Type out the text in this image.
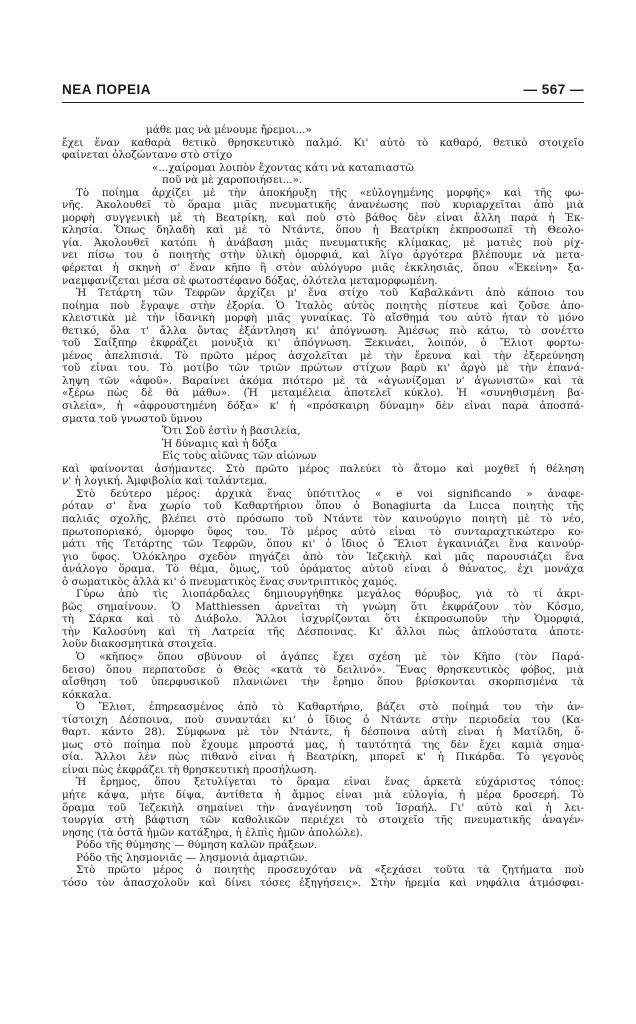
ΝΕΑ ΠΟΡΕΙΑ	— 567 —
μάθε μας νὰ μένουμε ἤρεμοι...»
ἔχει ἕναν καθαρὰ θετικὸ θρησκευτικὸ παλμό. Κι' αὐτὸ τὸ καθαρό, θετικὸ στοιχεῖο
φαίνεται ὁλοζώντανο στὸ στίχο
«...χαίρομαι λοιπὸν ἔχοντας κάτι νὰ καταπιαστῶ
ποῦ νὰ μὲ χαροποιήσει...».
Τὸ ποίημα ἀρχίζει μὲ τὴν ἀποκήρυξη τῆς «εὐλογημένης μορφῆς» καὶ τῆς φω-
νῆς. Ἀκολουθεῖ τὸ ὅραμα μιᾶς πνευματικῆς ἀνανέωσης ποὺ κυριαρχεῖται ἀπὸ μιὰ
μορφὴ συγγενικὴ μὲ τὴ Βεατρίκη, καὶ ποὺ στὸ βάθος δὲν εἶναι ἄλλη παρὰ ἡ Ἐκ-
κλησία. Ὅπως δηλαδὴ καὶ μὲ τὸ Ντάντε, ὅπου ἡ Βεατρίκη ἐκπροσωπεῖ τὴ Θεολο-
γία. Ἀκολουθεῖ κατόπι ἡ ἀνάβαση μιᾶς πνευματικῆς κλίμακας, μὲ ματιὲς ποὺ ρίχ-
νει πίσω του ὁ ποιητὴς στὴν ὑλικὴ ὁμορφιά, καὶ λίγο ἀργότερα βλέπουμε νὰ μετα-
φέρεται ἡ σκηνὴ σ' ἕναν κῆπο ἢ στὸν αὐλόγυρο μιᾶς ἐκκλησιᾶς, ὅπου «Ἐκείνη» ξα-
ναεμφανίζεται μέσα σὲ φωτοστέφανο δόξας, ὁλότελα μεταμορφωμένη.
Ἡ Τετάρτη τῶν Τεφρῶν ἀρχίζει μ' ἕνα στίχο τοῦ Καβαλκάντι ἀπὸ κάποιο του
ποίημα ποὺ ἔγραψε στὴν ἐξορία. Ὁ Ἰταλὸς αὐτὸς ποιητὴς πίστευε καὶ ζοῦσε ἀπο-
κλειστικὰ μὲ τὴν ἰδανικὴ μορφὴ μιᾶς γυναίκας. Τὸ αἴσθημά του αὐτὸ ἦταν τὸ μόνο
θετικό, ὅλα τ' ἄλλα ὄντας ἐξάντληση κι' ἀπόγνωση. Ἀμέσως πιὸ κάτω, τὸ σονέττο
τοῦ Σαίξπηρ ἐκφράζει μονυξιὰ κι' ἀπόγνωση. Ξεκινάει, λοιπόν, ὁ Ἔλιοτ φορτω-
μένος ἀπελπισιά. Τὸ πρῶτο μέρος ἀσχολεῖται μὲ τὴν ἔρευνα καὶ τὴν ἐξερεύνηση
τοῦ εἶναι του. Τὸ μοτίβο τῶν τριῶν πρώτων στίχων βαρὺ κι' ἀργὸ μὲ τὴν ἐπανά-
ληψη τῶν «ἀφοῦ». Βαραίνει ἀκόμα πιότερο μὲ τὰ «ἀγωνίζομαι ν' ἀγωνιστῶ» καὶ τὰ
«ξέρω πὼς δὲ θὰ μάθω». (Ἡ μεταμέλεια ἀποτελεῖ κύκλο). Ἡ «συνηθισμένη βα-
σιλεία», ἡ «ἀφρουστημένη δόξα» κ' ἡ «πρόσκαιρη δύναμη» δὲν εἶναι παρὰ ἀποσπά-
σματα τοῦ γνωστοῦ ὕμνου
Ὅτι Σοῦ ἐστὶν ἡ βασιλεία,
Ἡ δύναμις καὶ ἡ δόξα
Εἰς τοὺς αἰῶνας τῶν αἰώνων
καὶ φαίνονται ἀσήμαντες. Στὸ πρῶτο μέρος παλεύει τὸ ἄτομο καὶ μοχθεῖ ἡ θέληση
ν' ἡ λογική. Ἀμφιβολία καὶ ταλάντεμα.
Στὸ δεύτερο μέρος: ἀρχικὰ ἕνας ὑπότιτλος « e voi significando » ἀναφε-
ρόταν σ' ἕνα χωρίο τοῦ Καθαρτήριου ὅπου ὁ Bonagiurta da Lucca ποιητὴς τῆς
παλιᾶς σχολῆς, βλέπει στὸ πρόσωπο τοῦ Ντάντε τὸν καινούργιο ποιητὴ μὲ τὸ νέο,
πρωτοποριακό, ὁμορφο ὕφος του. Τὸ μέρος αὐτὸ εἶναι τὸ συνταραχτικώτερο κο-
μάτι τῆς Τετάρτης τῶν Τεφρῶν, ὅπου κι' ὁ ἴδιος ὁ Ἔλιοτ ἐγκαινιάζει ἕνα καινούρ-
γιο ὕφος. Ὁλόκληρο σχεδὸν πηγάζει ἀπὸ τὸν Ἰεζεκιὴλ καὶ μᾶς παρουσιάζει ἕνα
ἀνάλογο ὅραμα. Τὸ θέμα, ὅμως, τοῦ ὁράματος αὐτοῦ εἶναι ὁ θάνατος, ἐχι μονάχα
ὁ σωματικὸς ἀλλὰ κι' ὁ πνευματικὸς ἕνας συντριπτικὸς χαμός.
Γύρω ἀπὸ τὶς λιοπάρδαλες δημιουργήθηκε μεγάλος θόρυβος, γιὰ τὸ τί ἀκρι-
βῶς σημαίνουν. Ὁ Matthiessen ἀρνεῖται τὴ γνώμη ὅτι ἐκφράζουν τὸν Κόσμο,
τὴ Σάρκα καὶ τὸ Διάβολο. Ἄλλοι ἰσχυρίζονται ὅτι ἐκπροσωποῦν τὴν Ὁμορφιά,
τὴν Καλοσύνη καὶ τὴ Λατρεία τῆς Δέσποινας. Κι' ἄλλοι πὼς ἁπλούστατα ἀποτε-
λοῦν διακοσμητικὰ στοιχεῖα.
Ὁ «κῆπος» ὅπου σβύνουν οἱ ἀγάπες ἔχει σχέση μὲ τὸν Κῆπο (τὸν Παρά-
δεισο) ὅπου περπατοῦσε ὁ Θεὸς «κατὰ τὸ δειλινό». Ἕνας θρησκευτικὸς φόβος, μιὰ
αἴσθηση τοῦ ὑπερφυσικοῦ πλανιώνει τὴν ἔρημο ὅπου βρίσκονται σκορπισμένα τὰ
κόκκαλα.
Ὁ Ἔλιοτ, ἐπηρεασμένος ἀπὸ τὸ Καθαρτήριο, βάζει στὸ ποίημά του τὴν ἀν-
τίστοιχη Δέσποινα, ποὺ συναντάει κι' ὁ ἴδιος ὁ Ντάντε στὴν περιοδεία του (Κα-
θαρτ. κάντο 28). Σύμφωνα μὲ τὸν Ντάντε, ἡ δέσποινα αὐτὴ εἶναι ἡ Ματίλδη, ὅ-
μως στὸ ποίημα ποὺ ἔχουμε μπροστά μας, ἡ ταυτότητά της δὲν ἔχει καμιὰ σημα-
σία. Ἄλλοι λὲν πὼς πιθανὸ εἶναι ἡ Βεατρίκη, μπορεῖ κ' ἡ Πικάρδα. Τὸ γεγονὸς
εἶναι πὼς ἐκφράζει τὴ θρησκευτικὴ προσήλωση.
Ἡ ἔρημος, ὅπου ξετυλίγεται τὸ ὅραμα εἶναι ἕνας ἀρκετὰ εὐχάριστος τόπος:
μήτε κάψα, μήτε δίψα, ἀντίθετα ἡ ἄμμος εἶναι μιὰ εὐλογία, ἡ μέρα δροσερή. Τὸ
ὅραμα τοῦ Ἰεζεκιὴλ σημαίνει τὴν ἀναγέννηση τοῦ Ἰσραήλ. Γι' αὐτὸ καὶ ἡ λει-
τουργία στὴ βάφτιση τῶν καθολικῶν περιέχει τὸ στοιχεῖο τῆς πνευματικῆς ἀναγέν-
νησης (τὰ ὀστᾶ ἡμῶν κατάξηρα, ἡ ἐλπὶς ἡμῶν ἀπολώλε).
Ρόδο τῆς θύμησης — θύμηση καλῶν πράξεων.
Ρόδο τῆς λησμονιᾶς — λησμονιὰ ἁμαρτιῶν.
Στὸ πρῶτο μέρος ὁ ποιητὴς προσευχόταν νὰ «ξεχάσει τοῦτα τὰ ζητήματα ποὺ
τόσο τὸν ἀπασχολοῦν καὶ δίνει τόσες ἐξηγήσεις». Στὴν ἠρεμία καὶ νηφάλια ἀτμόσφαι-
